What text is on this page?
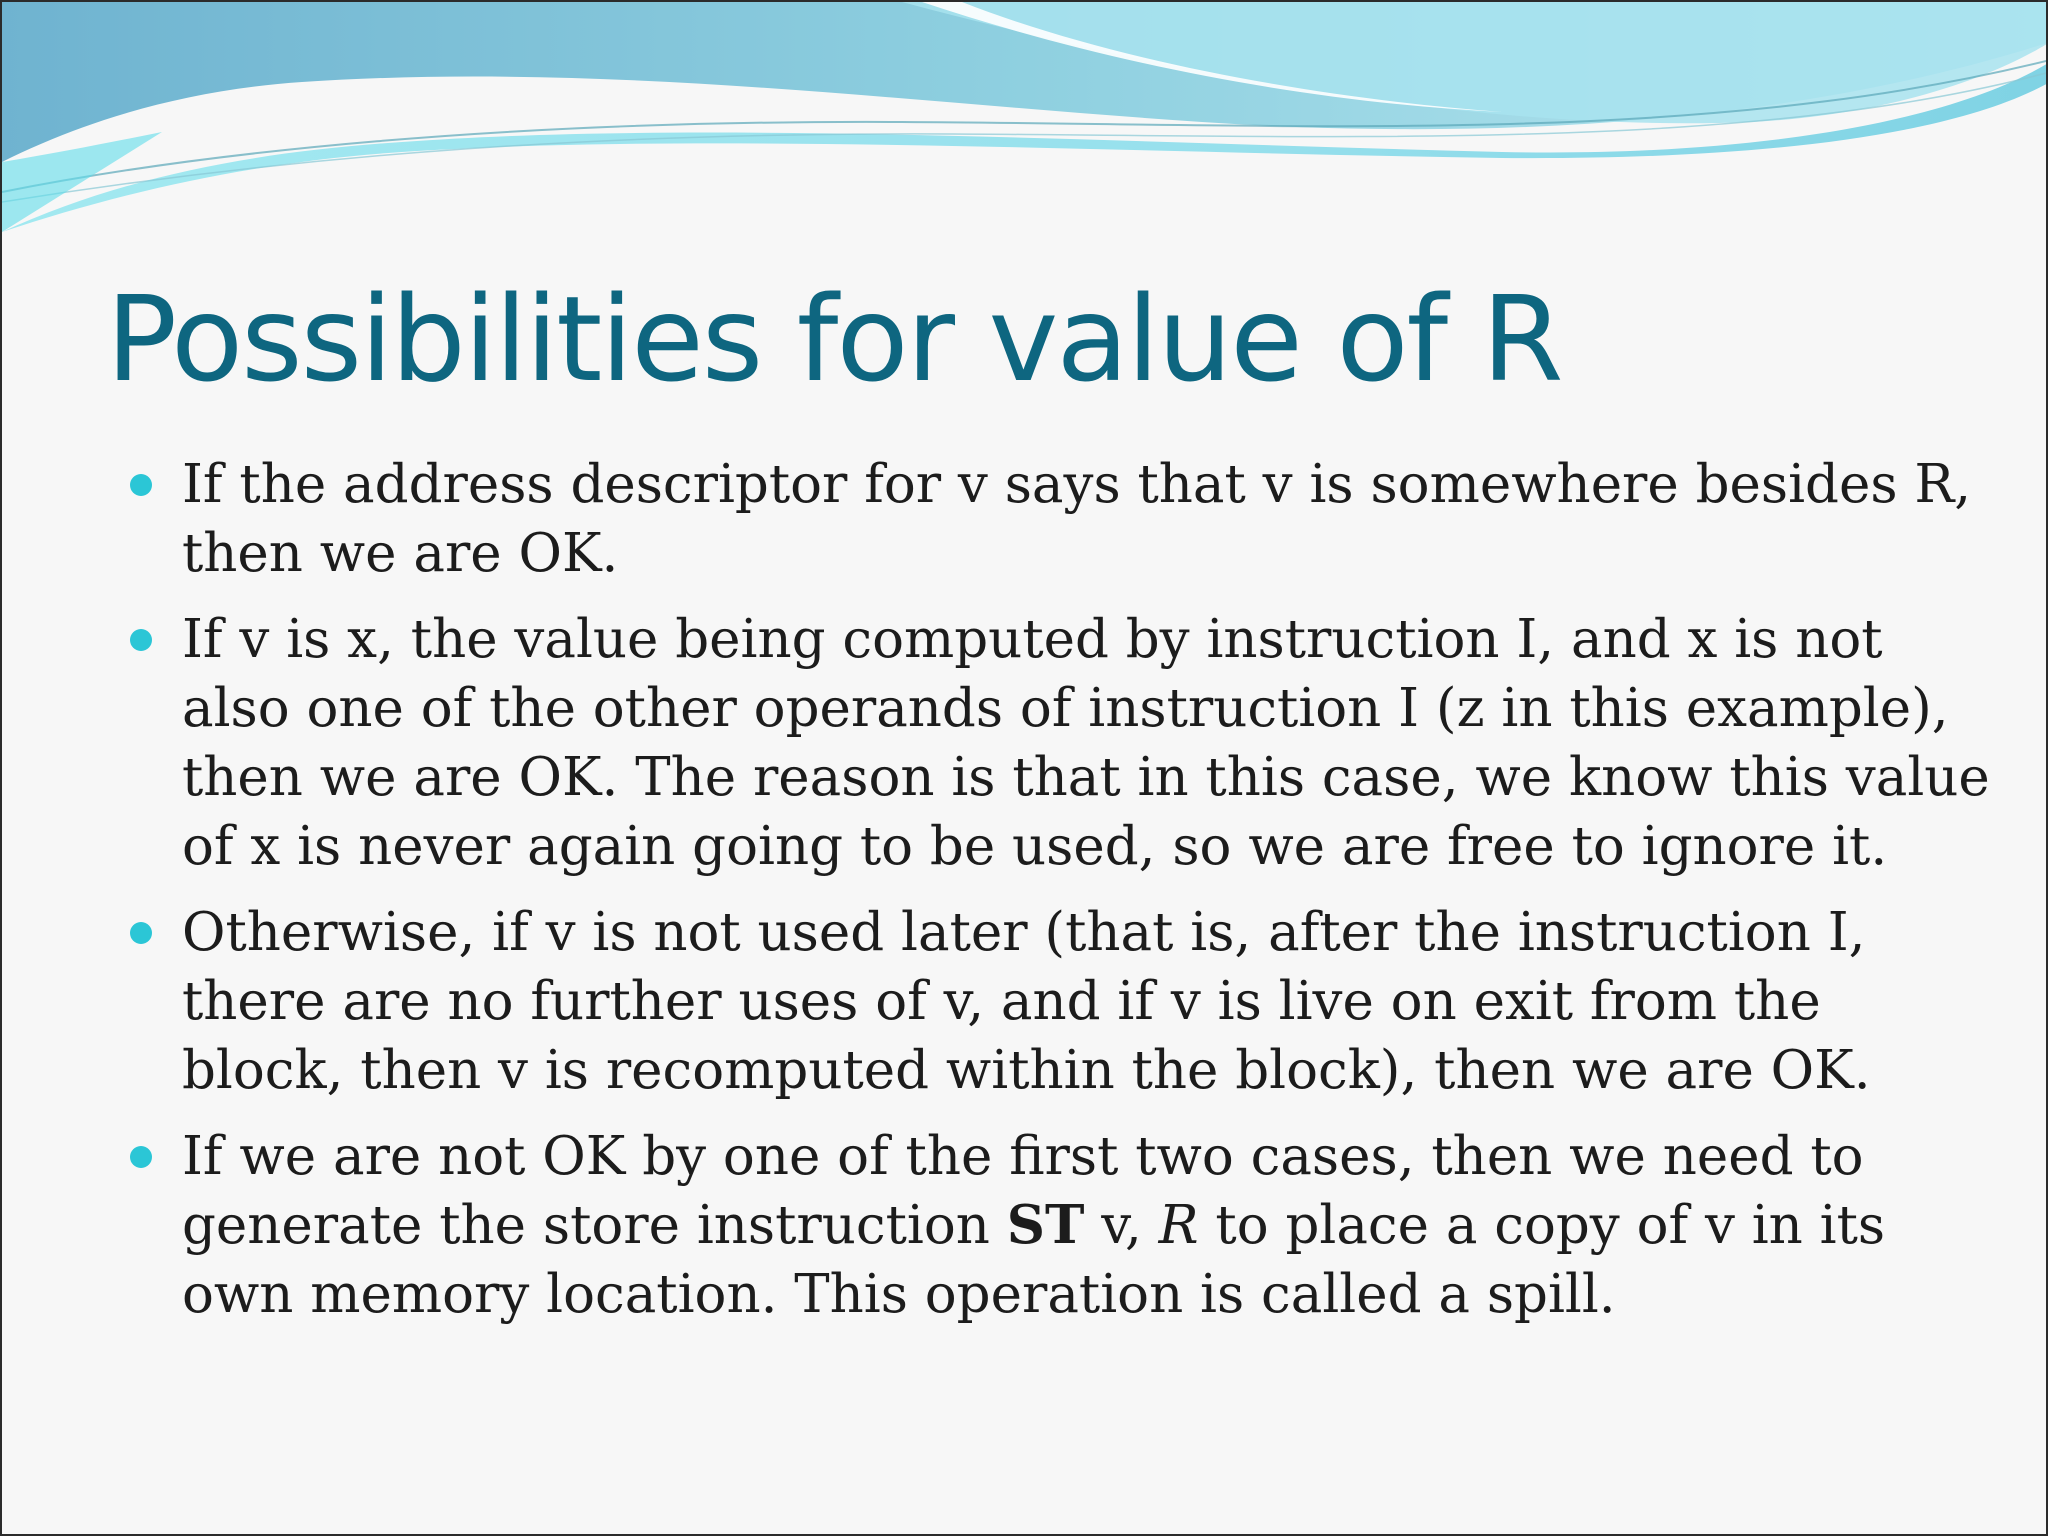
Possibilities for value of R
If the address descriptor for v says that v is somewhere besides R, then we are OK.
If v is x, the value being computed by instruction I, and x is not also one of the other operands of instruction I (z in this example), then we are OK. The reason is that in this case, we know this value of x is never again going to be used, so we are free to ignore it.
Otherwise, if v is not used later (that is, after the instruction I, there are no further uses of v, and if v is live on exit from the block, then v is recomputed within the block), then we are OK.
If we are not OK by one of the first two cases, then we need to generate the store instruction ST v, R to place a copy of v in its own memory location. This operation is called a spill.
